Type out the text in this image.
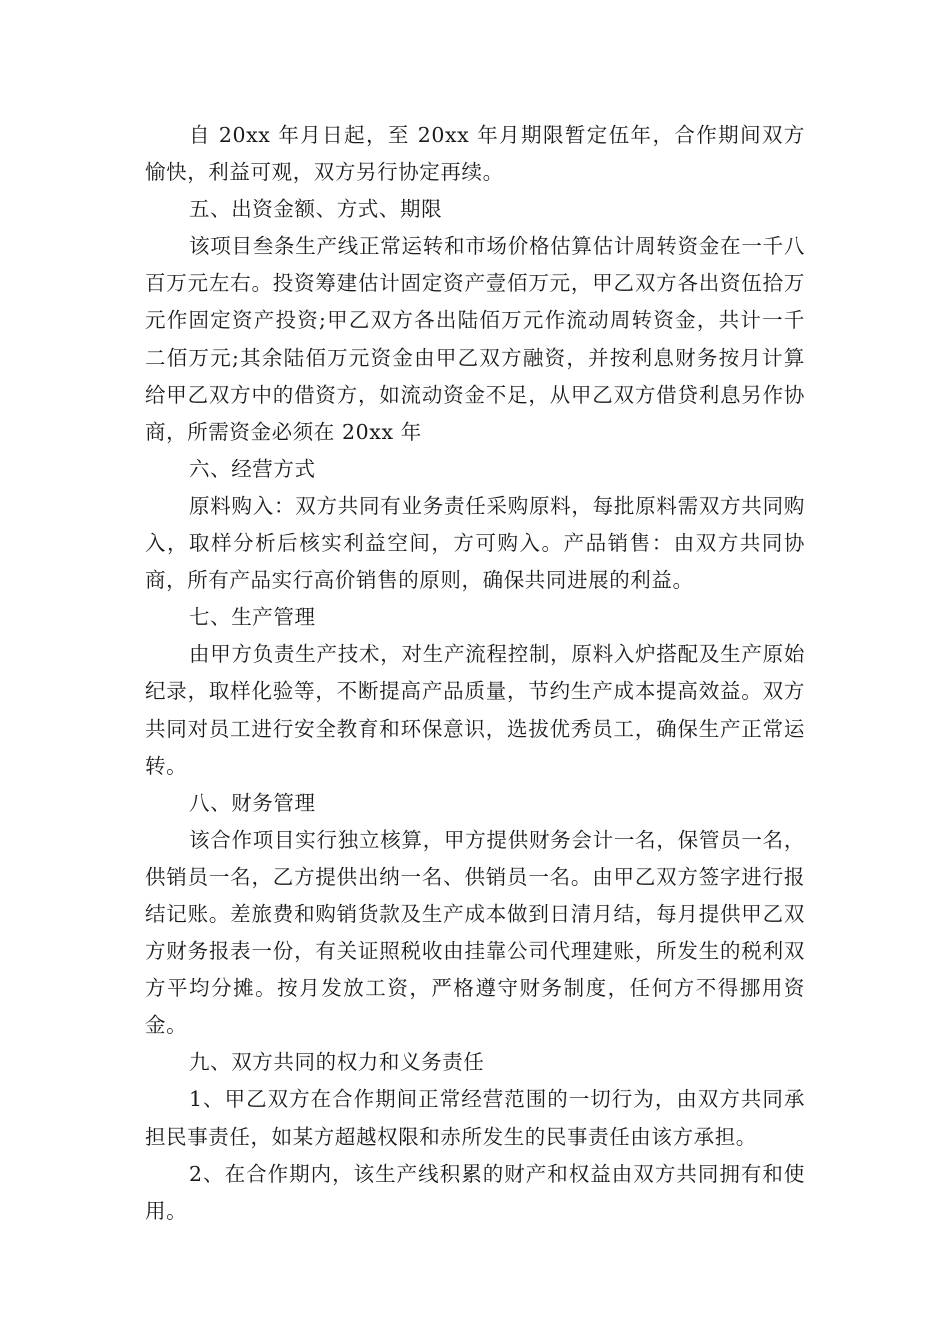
自 20xx 年月日起，至 20xx 年月期限暂定伍年，合作期间双方愉快，利益可观，双方另行协定再续。

五、出资金额、方式、期限

该项目叁条生产线正常运转和市场价格估算估计周转资金在一千八百万元左右。投资筹建估计固定资产壹佰万元，甲乙双方各出资伍拾万元作固定资产投资;甲乙双方各出陆佰万元作流动周转资金，共计一千二佰万元;其余陆佰万元资金由甲乙双方融资，并按利息财务按月计算给甲乙双方中的借资方，如流动资金不足，从甲乙双方借贷利息另作协商，所需资金必须在 20xx 年

六、经营方式

原料购入：双方共同有业务责任采购原料，每批原料需双方共同购入，取样分析后核实利益空间，方可购入。产品销售：由双方共同协商，所有产品实行高价销售的原则，确保共同进展的利益。

七、生产管理

由甲方负责生产技术，对生产流程控制，原料入炉搭配及生产原始纪录，取样化验等，不断提高产品质量，节约生产成本提高效益。双方共同对员工进行安全教育和环保意识，选拔优秀员工，确保生产正常运转。

八、财务管理

该合作项目实行独立核算，甲方提供财务会计一名，保管员一名，供销员一名，乙方提供出纳一名、供销员一名。由甲乙双方签字进行报结记账。差旅费和购销货款及生产成本做到日清月结，每月提供甲乙双方财务报表一份，有关证照税收由挂靠公司代理建账，所发生的税利双方平均分摊。按月发放工资，严格遵守财务制度，任何方不得挪用资金。

九、双方共同的权力和义务责任

1、甲乙双方在合作期间正常经营范围的一切行为，由双方共同承担民事责任，如某方超越权限和赤所发生的民事责任由该方承担。

2、在合作期内，该生产线积累的财产和权益由双方共同拥有和使用。
